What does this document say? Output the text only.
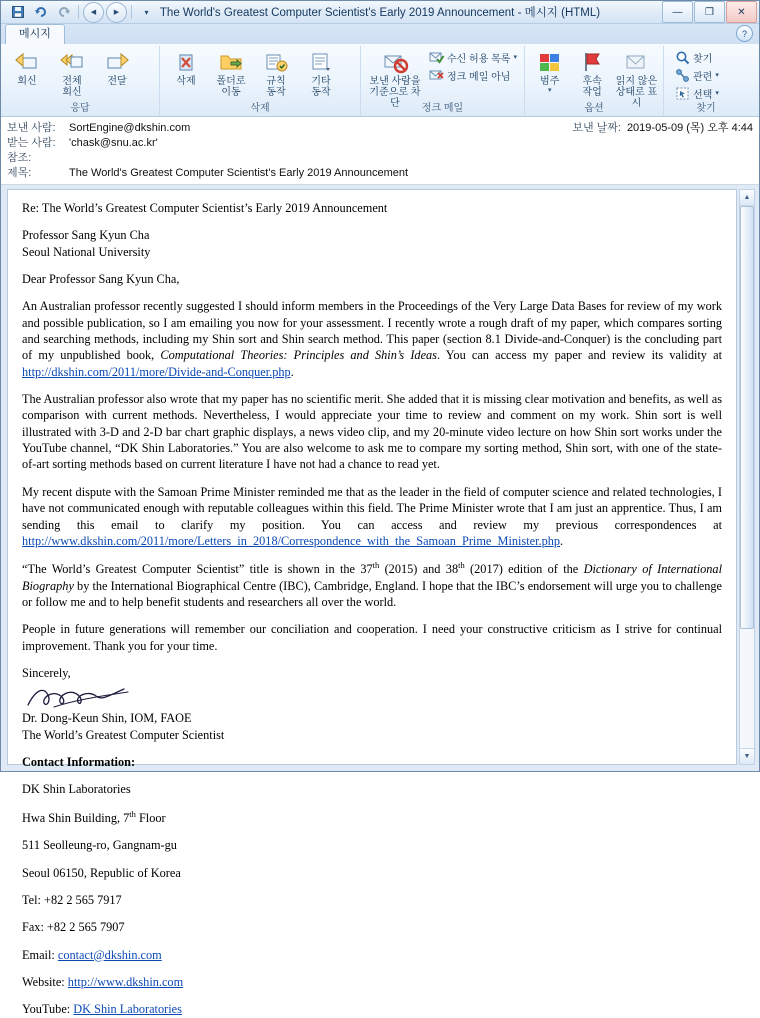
◀	▶	▾ The World's Greatest Computer Scientist's Early 2019 Announcement - 메시지 (HTML)	—	❐	✕
메시지	?
회신	전체
회신
전달
응답
삭제 폴더로
이동
규칙
동작
기타
동작
삭제
보낸 사람을
기준으로 차단
수신 허용 목록 ▾
정크 메일 아님
정크 메일
범주
▾
후속
작업
읽지 않은
상태로 표시
옵션
찾기
관련 ▾
선택 ▾
찾기
보낸 사람:	SortEngine@dkshin.com	보낸 날짜: 2019-05-09 (목) 오후 4:44
받는 사람:	'chask@snu.ac.kr'
참조:
제목:	The World's Greatest Computer Scientist's Early 2019 Announcement

Re: The World’s Greatest Computer Scientist’s Early 2019 Announcement

Professor Sang Kyun Cha
Seoul National University

Dear Professor Sang Kyun Cha,

An Australian professor recently suggested I should inform members in the Proceedings of the Very Large Data Bases for review of my work and possible publication, so I am emailing you now for your assessment. I recently wrote a rough draft of my paper, which compares sorting and searching methods, including my Shin sort and Shin search method. This paper (section 8.1 Divide-and-Conquer) is the concluding part of my unpublished book, Computational Theories: Principles and Shin’s Ideas. You can access my paper and review its validity at http://dkshin.com/2011/more/Divide-and-Conquer.php.

The Australian professor also wrote that my paper has no scientific merit. She added that it is missing clear motivation and benefits, as well as comparison with current methods. Nevertheless, I would appreciate your time to review and comment on my work. Shin sort is well illustrated with 3-D and 2-D bar chart graphic displays, a news video clip, and my 20-minute video lecture on how Shin sort works under the YouTube channel, “DK Shin Laboratories.” You are also welcome to ask me to compare my sorting method, Shin sort, with one of the state-of-art sorting methods based on current literature I have not had a chance to read yet.

My recent dispute with the Samoan Prime Minister reminded me that as the leader in the field of computer science and related technologies, I have not communicated enough with reputable colleagues within this field. The Prime Minister wrote that I am just an apprentice. Thus, I am sending this email to clarify my position. You can access and review my previous correspondences at http://www.dkshin.com/2011/more/Letters_in_2018/Correspondence_with_the_Samoan_Prime_Minister.php.

“The World’s Greatest Computer Scientist” title is shown in the 37th (2015) and 38th (2017) edition of the Dictionary of International Biography by the International Biographical Centre (IBC), Cambridge, England. I hope that the IBC’s endorsement will urge you to challenge or follow me and to help benefit students and researchers all over the world.

People in future generations will remember our conciliation and cooperation. I need your constructive criticism as I strive for continual improvement. Thank you for your time.

Sincerely,

Dr. Dong-Keun Shin, IOM, FAOE

The World’s Greatest Computer Scientist

Contact Information:

DK Shin Laboratories

Hwa Shin Building, 7th Floor

511 Seolleung-ro, Gangnam-gu

Seoul 06150, Republic of Korea

Tel: +82 2 565 7917

Fax: +82 2 565 7907

Email: contact@dkshin.com

Website: http://www.dkshin.com

YouTube: DK Shin Laboratories

▲
▼
